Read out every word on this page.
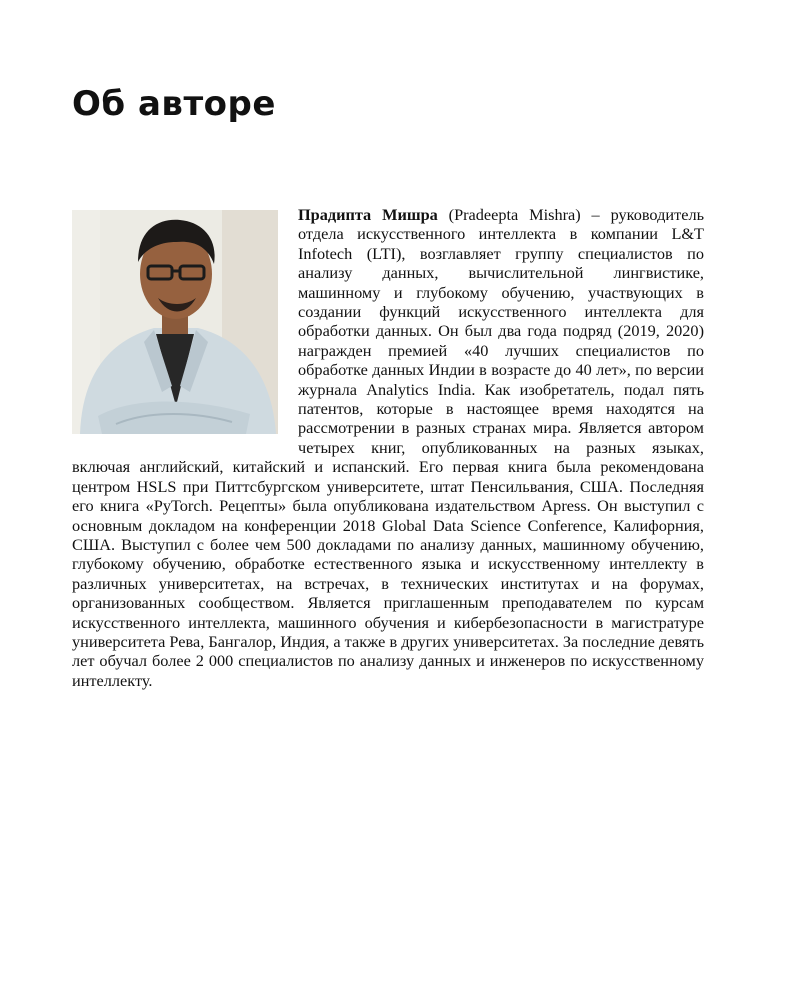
Об авторе

Прадипта Мишра (Pradeepta Mishra) – руководитель отдела искусственного интеллекта в компании L&T Infotech (LTI), возглавляет группу специалистов по анализу данных, вычислительной лингвистике, машинному и глубокому обучению, участвующих в создании функций искусственного интеллекта для обработки данных. Он был два года подряд (2019, 2020) награжден премией «40 лучших специалистов по обработке данных Индии в возрасте до 40 лет», по версии журнала Analytics India. Как изобретатель, подал пять патентов, которые в настоящее время находятся на рассмотрении в разных странах мира. Является автором четырех книг, опубликованных на разных языках, включая английский, китайский и испанский. Его первая книга была рекомендована центром HSLS при Питтсбургском университете, штат Пенсильвания, США. Последняя его книга «PyTorch. Рецепты» была опубликована издательством Apress. Он выступил с основным докладом на конференции 2018 Global Data Science Conference, Калифорния, США. Выступил с более чем 500 докладами по анализу данных, машинному обучению, глубокому обучению, обработке естественного языка и искусственному интеллекту в различных университетах, на встречах, в технических институтах и на форумах, организованных сообществом. Является приглашенным преподавателем по курсам искусственного интеллекта, машинного обучения и кибербезопасности в магистратуре университета Рева, Бангалор, Индия, а также в других университетах. За последние девять лет обучал более 2 000 специалистов по анализу данных и инженеров по искусственному интеллекту.
